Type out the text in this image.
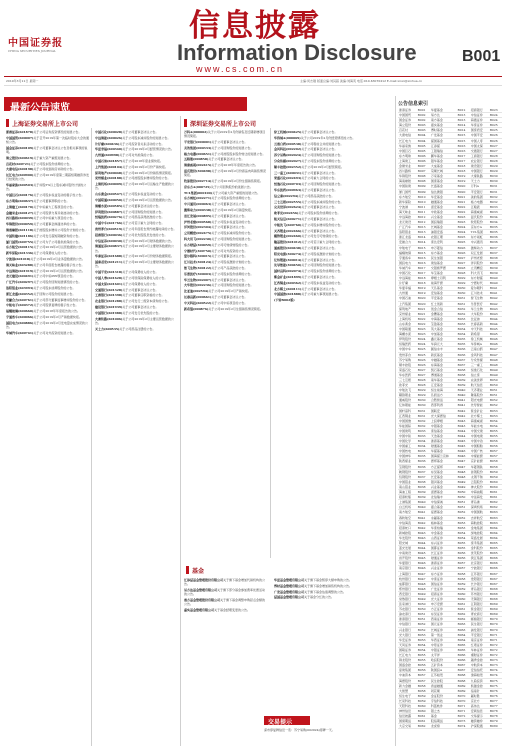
中国证券报
CHINA SECURITIES JOURNAL
信息披露
Information Disclosure
www.cs.com.cn
B001
2019年3月11日 星期一	主编:何志刚 版面总编:刘其超 美编:刘海英 电话:010-63070412 E-mail:xinxi@xinhua.cn
最新公告速览
上海证券交易所上市公司	深圳证券交易所上市公司
浙商证券(601878)关于公司证券投资情况的进展公告。
中国国贸(600007)关于召开2019年第一次临时股东大会的通知公告。
国金证券(600109)关于公司董事会决议公告及相关事项的说明。
海立股份(600619)关于重大资产重组进展公告。
百花村(600721)关于公司股东股份质押的公告。
大唐电信(600198)关于公司收到政府补助的公告。
长江电力(600900)关于公司2019年度第二期超短期融资券发行结果的公告。
华丽家族(600503)关于持股5%以上股东减持股份计划的公告。
中国巨石(600176)关于公司股东权益变动的提示性公告。
东方明珠(600637)关于公司董事辞职的公告。
上海建工(600170)关于中标重大工程项目的公告。
金健米业(600127)关于公司股票交易异常波动的公告。
四川路桥(600039)关于公司中标重大项目的公告。
华锦股份(000059)关于公司董事会换届选举的公告。
海南橡胶(601118)关于控股股东增持公司股份计划的公告。
中国铁建(601186)关于公司发行超短期融资券的公告。
厦门国贸(600755)关于公司为子公司提供担保的公告。
东方航空(600115)关于公司2019年2月运营数据的公告。
新华保险(601336)关于公司保费收入的公告。
宁波港(601018)关于公司2019年2月业务量数据的公告。
海天味业(603288)关于公司年度报告披露的提示性公告。
中远海控(601919)关于公司2019年2月运营数据的公告。
龙元建设(600491)关于公司中标PPP项目的公告。
广汇汽车(600297)关于公司股份回购进展情况的公告。
洛阳钼业(603993)关于公司股东质押股份的公告。
浙江龙盛(600352)关于回购公司股份的进展公告。
安徽合力(600761)关于公司部分董事监事增持股份的公告。
中航电子(600372)关于公司股票复牌的提示性公告。
福耀玻璃(600660)关于公司2018年年度报告的公告。
宇通客车(600066)关于公司2019年2月产销数据快报。
国投电力(600886)关于公司2019年2月发电量完成情况的公告。
华域汽车(600741)关于公司对外投资的进展公告。
中国石化(600028)关于公司董事会决议公告。
中远海能(600026)关于公司股东减持股份的进展公告。
片仔癀(600436)关于公司投资者关系活动的公告。
华夏幸福(600340)关于公司2019年2月经营情况的公告。
九州通(600998)关于公司对外担保的公告。
中国石油(601857)关于公司2018年度业绩快报。
上汽集团(600104)关于公司2019年2月份产销快报。
保利地产(600048)关于公司2019年2月份销售情况简报。
兖州煤业(600188)关于公司控股股东增持股份的公告。
上海机场(600009)关于公司2019年2月运输生产数据的公告。
山东黄金(600547)关于公司股东权益变动的公告。
中国联通(600050)关于公司2019年2月运营数据的公告。
海螺水泥(600585)关于公司董事会决议的公告。
伊利股份(600887)关于公司回购股份的进展公告。
恒瑞医药(600276)关于公司药品获得批准的公告。
中国中车(601766)关于公司签订重大合同的公告。
贵州茅台(600519)关于公司年度报告预约披露时间的公告。
招商银行(600036)关于公司优先股股息发放的公告。
中信证券(600030)关于公司2019年2月财务数据的公告。
海通证券(600837)关于公司2019年2月主要财务数据的公告。
华泰证券(601688)关于公司2019年2月份财务数据简报。
国泰君安(601211)关于公司2019年2月主要财务数据的公告。
中国平安(601318)关于公司保费收入的公告。
中国人寿(601628)关于公司原保险保费收入的公告。
中国太保(601601)关于公司保费收入的公告。
交通银行(601328)关于公司董事会决议公告。
工商银行(601398)关于公司董事任职资格的公告。
农业银行(601288)关于公司发行二级资本债券的公告。
建设银行(601939)关于公司董事会决议公告。
中国银行(601988)关于公司发行优先股的公告。
大秦铁路(601006)关于公司2019年2月主要运营数据的公告。
天士力(600535)关于公司药品注册的公告。
万科A(000002)关于公司2019年2月份销售及近期新增项目情况简报。
平安银行(000001)关于公司董事会决议公告。
美的集团(000333)关于公司回购股份的进展公告。
格力电器(000651)关于公司控股股东股份转让的进展公告。
五粮液(000858)关于公司董事会决议公告。
海康威视(002415)关于公司2018年年度报告的公告。
温氏股份(300498)关于公司2019年2月份商品肉鸡销售情况简报。
牧原股份(002714)关于公司2019年2月份生猪销售简报。
京东方A(000725)关于公司回购股份的进展公告。
TCL集团(000100)关于公司重大资产重组的进展公告。
东方雨虹(002271)关于公司股东股份质押的公告。
中兴通讯(000063)关于公司董事会决议公告。
潍柴动力(000338)关于公司2019年2月销量快报。
双汇发展(000895)关于公司董事会决议公告。
泸州老窖(000568)关于公司股东权益变动的公告。
洋河股份(002304)关于公司董事会决议公告。
立讯精密(002475)关于公司股东减持股份的公告。
科大讯飞(002230)关于公司回购股份的进展公告。
东方财富(300059)关于公司可转债转股的公告。
宁德时代(300750)关于公司对外投资的公告。
爱尔眼科(300015)关于公司董事会决议公告。
汇川技术(300124)关于公司股权激励计划的公告。
智飞生物(300122)关于公司产品获批的公告。
乐普医疗(300003)关于公司股东股份质押的公告。
华兰生物(002007)关于公司董事会决议公告。
大华股份(002236)关于公司回购股份的进展公告。
比亚迪(002594)关于公司2019年2月产销快报。
长春高新(000661)关于公司董事会决议公告。
中天科技(600522)关于公司中标项目的公告。
新希望(000876)关于公司2019年2月生猪销售情况简报。
徐工机械(000425)关于公司董事会决议公告。
华侨城A(000069)关于公司2019年2月份经营情况的公告。
云南白药(000538)关于公司吸收合并的进展公告。
金风科技(002202)关于公司董事会决议公告。
苏宁易购(002024)关于公司回购股份的进展公告。
分众传媒(002027)关于公司股东股份质押的公告。
顺丰控股(002352)关于公司2019年2月经营简报。
三一重工(600031)关于公司董事会决议公告。
荣盛石化(002493)关于公司重大合同的公告。
恒逸石化(000703)关于公司回购股份的进展公告。
华东医药(000963)关于公司董事会决议公告。
信立泰(002294)关于公司药品获批的公告。
三七互娱(002555)关于公司股东减持股份的公告。
完美世界(002624)关于公司董事会决议公告。
欧菲光(002456)关于公司股东股份质押的公告。
航天信息(600271)关于公司董事会决议公告。
中航沈飞(600760)关于公司股东增持股份的公告。
天齐锂业(002466)关于公司董事会决议公告。
赣锋锂业(002460)关于公司发行可转债的公告。
隆基股份(601012)关于公司签订重大合同的公告。
通威股份(600438)关于公司董事会决议公告。
阳光电源(300274)关于公司股权激励计划的公告。
亿纬锂能(300014)关于公司董事会决议公告。
先导智能(300450)关于公司回购股份的进展公告。
国轩高科(002074)关于公司股东股份质押的公告。
紫金矿业(601899)关于公司董事会决议公告。
江西铜业(600362)关于公司股东权益变动的公告。
北方稀土(600111)关于公司董事会决议公告。
中国国旅(601888)关于公司重大事项进展公告。
(下转B002版)
基金
汇添富基金管理股份有限公司关于旗下基金增加代销机构的公告。
易方达基金管理有限公司关于旗下部分基金参加费率优惠活动的公告。
南方基金管理股份有限公司关于旗下基金调整申购起点金额的公告。
嘉实基金管理有限公司关于基金经理变更的公告。
华夏基金管理有限公司关于旗下基金暂停大额申购的公告。
博时基金管理有限公司关于旗下基金增加销售机构的公告。
广发基金管理有限公司关于旗下基金估值调整的公告。
富国基金管理有限公司关于基金分红的公告。
交易提示
深市停复牌信息一览：苏宁易购(002024)停牌一天。
公告信息索引
浙商证券	B001	华夏基金	B012	招商银行	B023
中国国贸	B002	易方达	B013	中信证券	B024
国金证券	B002	南方基金	B013	海通证券	B024
海立股份	B003	嘉实基金	B014	华泰证券	B025
百花村	B003	博时基金	B014	国泰君安	B025
大唐电信	B004	广发基金	B015	中国平安	B026
长江电力	B004	富国基金	B015	中国人寿	B026
华丽家族	B005	汇添富	B016	中国太保	B027
中国巨石	B005	工银瑞信	B016	交通银行	B027
东方明珠	B006	鹏华基金	B017	工商银行	B028
上海建工	B006	银华基金	B017	农业银行	B028
金健米业	B007	大成基金	B018	建设银行	B029
四川路桥	B007	景顺长城	B018	中国银行	B029
华锦股份	B008	万家基金	B019	大秦铁路	B030
海南橡胶	B008	国泰基金	B019	天士力	B030
中国铁建	B009	长盛基金	B020	万科A	B031
厦门国贸	B009	信达澳银	B020	平安银行	B031
东方航空	B010	华安基金	B021	美的集团	B032
新华保险	B010	融通基金	B021	格力电器	B032
宁波港	B011	诺安基金	B022	五粮液	B033
海天味业	B011	中欧基金	B022	海康威视	B033
中远海控	B012	兴全基金	B023	温氏股份	B034
龙元建设	B012	国投瑞银	B023	牧原股份	B034
广汇汽车	B013	长城基金	B024	京东方A	B035
洛阳钼业	B013	浦银安盛	B024	TCL集团	B035
浙江龙盛	B014	农银汇理	B025	东方雨虹	B036
安徽合力	B014	泰达宏利	B025	中兴通讯	B036
中航电子	B015	申万菱信	B026	潍柴动力	B037
福耀玻璃	B015	东方基金	B026	双汇发展	B037
宇通客车	B016	民生加银	B027	泸州老窖	B038
国投电力	B016	建信基金	B027	洋河股份	B038
华域汽车	B017	交银施罗德	B028	立讯精密	B039
中国石化	B017	华宝基金	B028	科大讯飞	B039
中远海能	B018	摩根士丹利	B029	东方财富	B040
片仔癀	B018	前海开源	B029	宁德时代	B040
华夏幸福	B019	天弘基金	B030	爱尔眼科	B041
九州通	B019	安信基金	B030	汇川技术	B041
中国石油	B020	平安基金	B031	智飞生物	B042
上汽集团	B020	红土创新	B031	乐普医疗	B042
保利地产	B021	创金合信	B032	华兰生物	B043
兖州煤业	B021	金鹰基金	B032	大华股份	B043
上海机场	B022	中海基金	B033	比亚迪	B044
山东黄金	B022	宝盈基金	B033	长春高新	B044
中国联通	B023	英大基金	B034	中天科技	B045
海螺水泥	B023	中加基金	B034	新希望	B045
伊利股份	B024	鑫元基金	B035	徐工机械	B046
恒瑞医药	B024	华润元大	B035	华侨城A	B046
中国中车	B025	圆信永丰	B036	云南白药	B047
贵州茅台	B025	新沃基金	B036	金风科技	B047
苏宁易购	B026	中融基金	B037	分众传媒	B048
顺丰控股	B026	东海基金	B037	三一重工	B048
荣盛石化	B027	凯石基金	B038	恒逸石化	B049
华东医药	B027	博道基金	B038	信立泰	B049
三七互娱	B028	南华基金	B039	完美世界	B050
欧菲光	B028	汇安基金	B039	航天信息	B050
中航沈飞	B029	恒生前海	B040	天齐锂业	B051
赣锋锂业	B029	弘毅远方	B040	隆基股份	B051
通威股份	B030	合煦智远	B041	阳光电源	B052
亿纬锂能	B030	西部利得	B041	先导智能	B052
国轩高科	B031	国联安	B042	紫金矿业	B053
江西铜业	B031	光大保德信	B042	北方稀土	B053
中国国旅	B032	上投摩根	B043	海康威视	B054
华能国际	B032	中银基金	B043	华能水电	B054
中国建筑	B033	泰信基金	B044	中国交建	B055
中国中铁	B033	天治基金	B044	中国电建	B055
中国化学	B034	浙商基金	B045	中国中冶	B056
中国重工	B034	财通基金	B045	中国船舶	B056
中国核电	B035	华富基金	B046	中国广核	B057
中国神华	B035	国海富兰克林	B046	中煤能源	B057
陕西煤业	B036	德邦基金	B047	兖矿能源	B058
宝钢股份	B036	方正富邦	B047	华菱钢铁	B058
鞍钢股份	B037	东吴基金	B048	首钢股份	B059
包钢股份	B037	长安基金	B048	太钢不锈	B059
中国铝业	B038	银河基金	B049	云铝股份	B060
南山铝业	B038	兴业基金	B049	神火股份	B060
海油工程	B039	诺德基金	B050	中海油服	B061
招商轮船	B039	北信瑞丰	B050	中远海发	B061
上港集团	B040	中信保诚	B051	青岛港	B062
白云机场	B040	嘉合基金	B051	深圳机场	B062
南方航空	B041	泓德基金	B052	中国国航	B063
春秋航空	B041	永赢基金	B052	吉祥航空	B063
中信海直	B042	格林基金	B053	海航控股	B063
招商蛇口	B042	华泰柏瑞	B053	金地集团	B064
新城控股	B043	中金基金	B054	绿地控股	B064
华发股份	B043	山西证券	B054	荣盛发展	B064
阳光城	B044	东兴证券	B055	泰禾集团	B065
蓝光发展	B044	国都证券	B055	金科股份	B065
中南建设	B045	长江证券	B056	世茂股份	B065
首开股份	B045	财通证券	B056	滨江集团	B066
华夏银行	B046	浙商证券	B057	北京银行	B066
南京银行	B046	兴业证券	B057	宁波银行	B066
上海银行	B047	东方证券	B058	江苏银行	B067
杭州银行	B047	中泰证券	B058	贵阳银行	B067
成都银行	B048	国信证券	B059	长沙银行	B067
郑州银行	B048	广发证券	B059	青岛银行	B068
西安银行	B049	招商证券	B060	苏州银行	B068
常熟银行	B049	光大证券	B060	无锡银行	B068
张家港行	B050	申万宏源	B061	江阴银行	B069
苏农银行	B050	方正证券	B061	紫金银行	B069
渝农商行	B051	东吴证券	B062	青农商行	B069
浙商银行	B051	西南证券	B062	邮储银行	B070
中信银行	B052	国元证券	B063	民生银行	B070
兴业银行	B052	长城证券	B063	浦发银行	B070
光大银行	B053	第一创业	B064	平安银行	B071
华安证券	B053	华西证券	B064	南京证券	B071
天风证券	B054	中原证券	B065	红塔证券	B072
国联证券	B054	中银证券	B065	华林证券	B072
长江电力	B055	太平洋	B066	湘财证券	B072
锦龙股份	B055	哈投股份	B066	越秀金控	B073
国盛金控	B056	五矿资本	B067	中航资本	B073
爱建集团	B056	陕国投A	B067	安信信托	B074
中油资本	B057	江苏租赁	B068	渤海租赁	B074
海德股份	B057	民生控股	B068	九鼎投资	B075
新力金融	B058	香溢融通	B069	熊猫金控	B075
大智慧	B058	同花顺	B069	指南针	B076
恒生电子	B059	金证股份	B070	赢时胜	B076
长亮科技	B059	宇信科技	B070	京北方	B077
天阳科技	B060	科蓝软件	B071	高伟达	B077
神州信息	B060	银之杰	B071	安硕信息	B078
信息披露	B061	基金	B072	交易提示	B078
国债期货	B061	股指期货	B073	融资融券	B079
大宗交易	B062	龙虎榜	B074	沪深股通	B080
